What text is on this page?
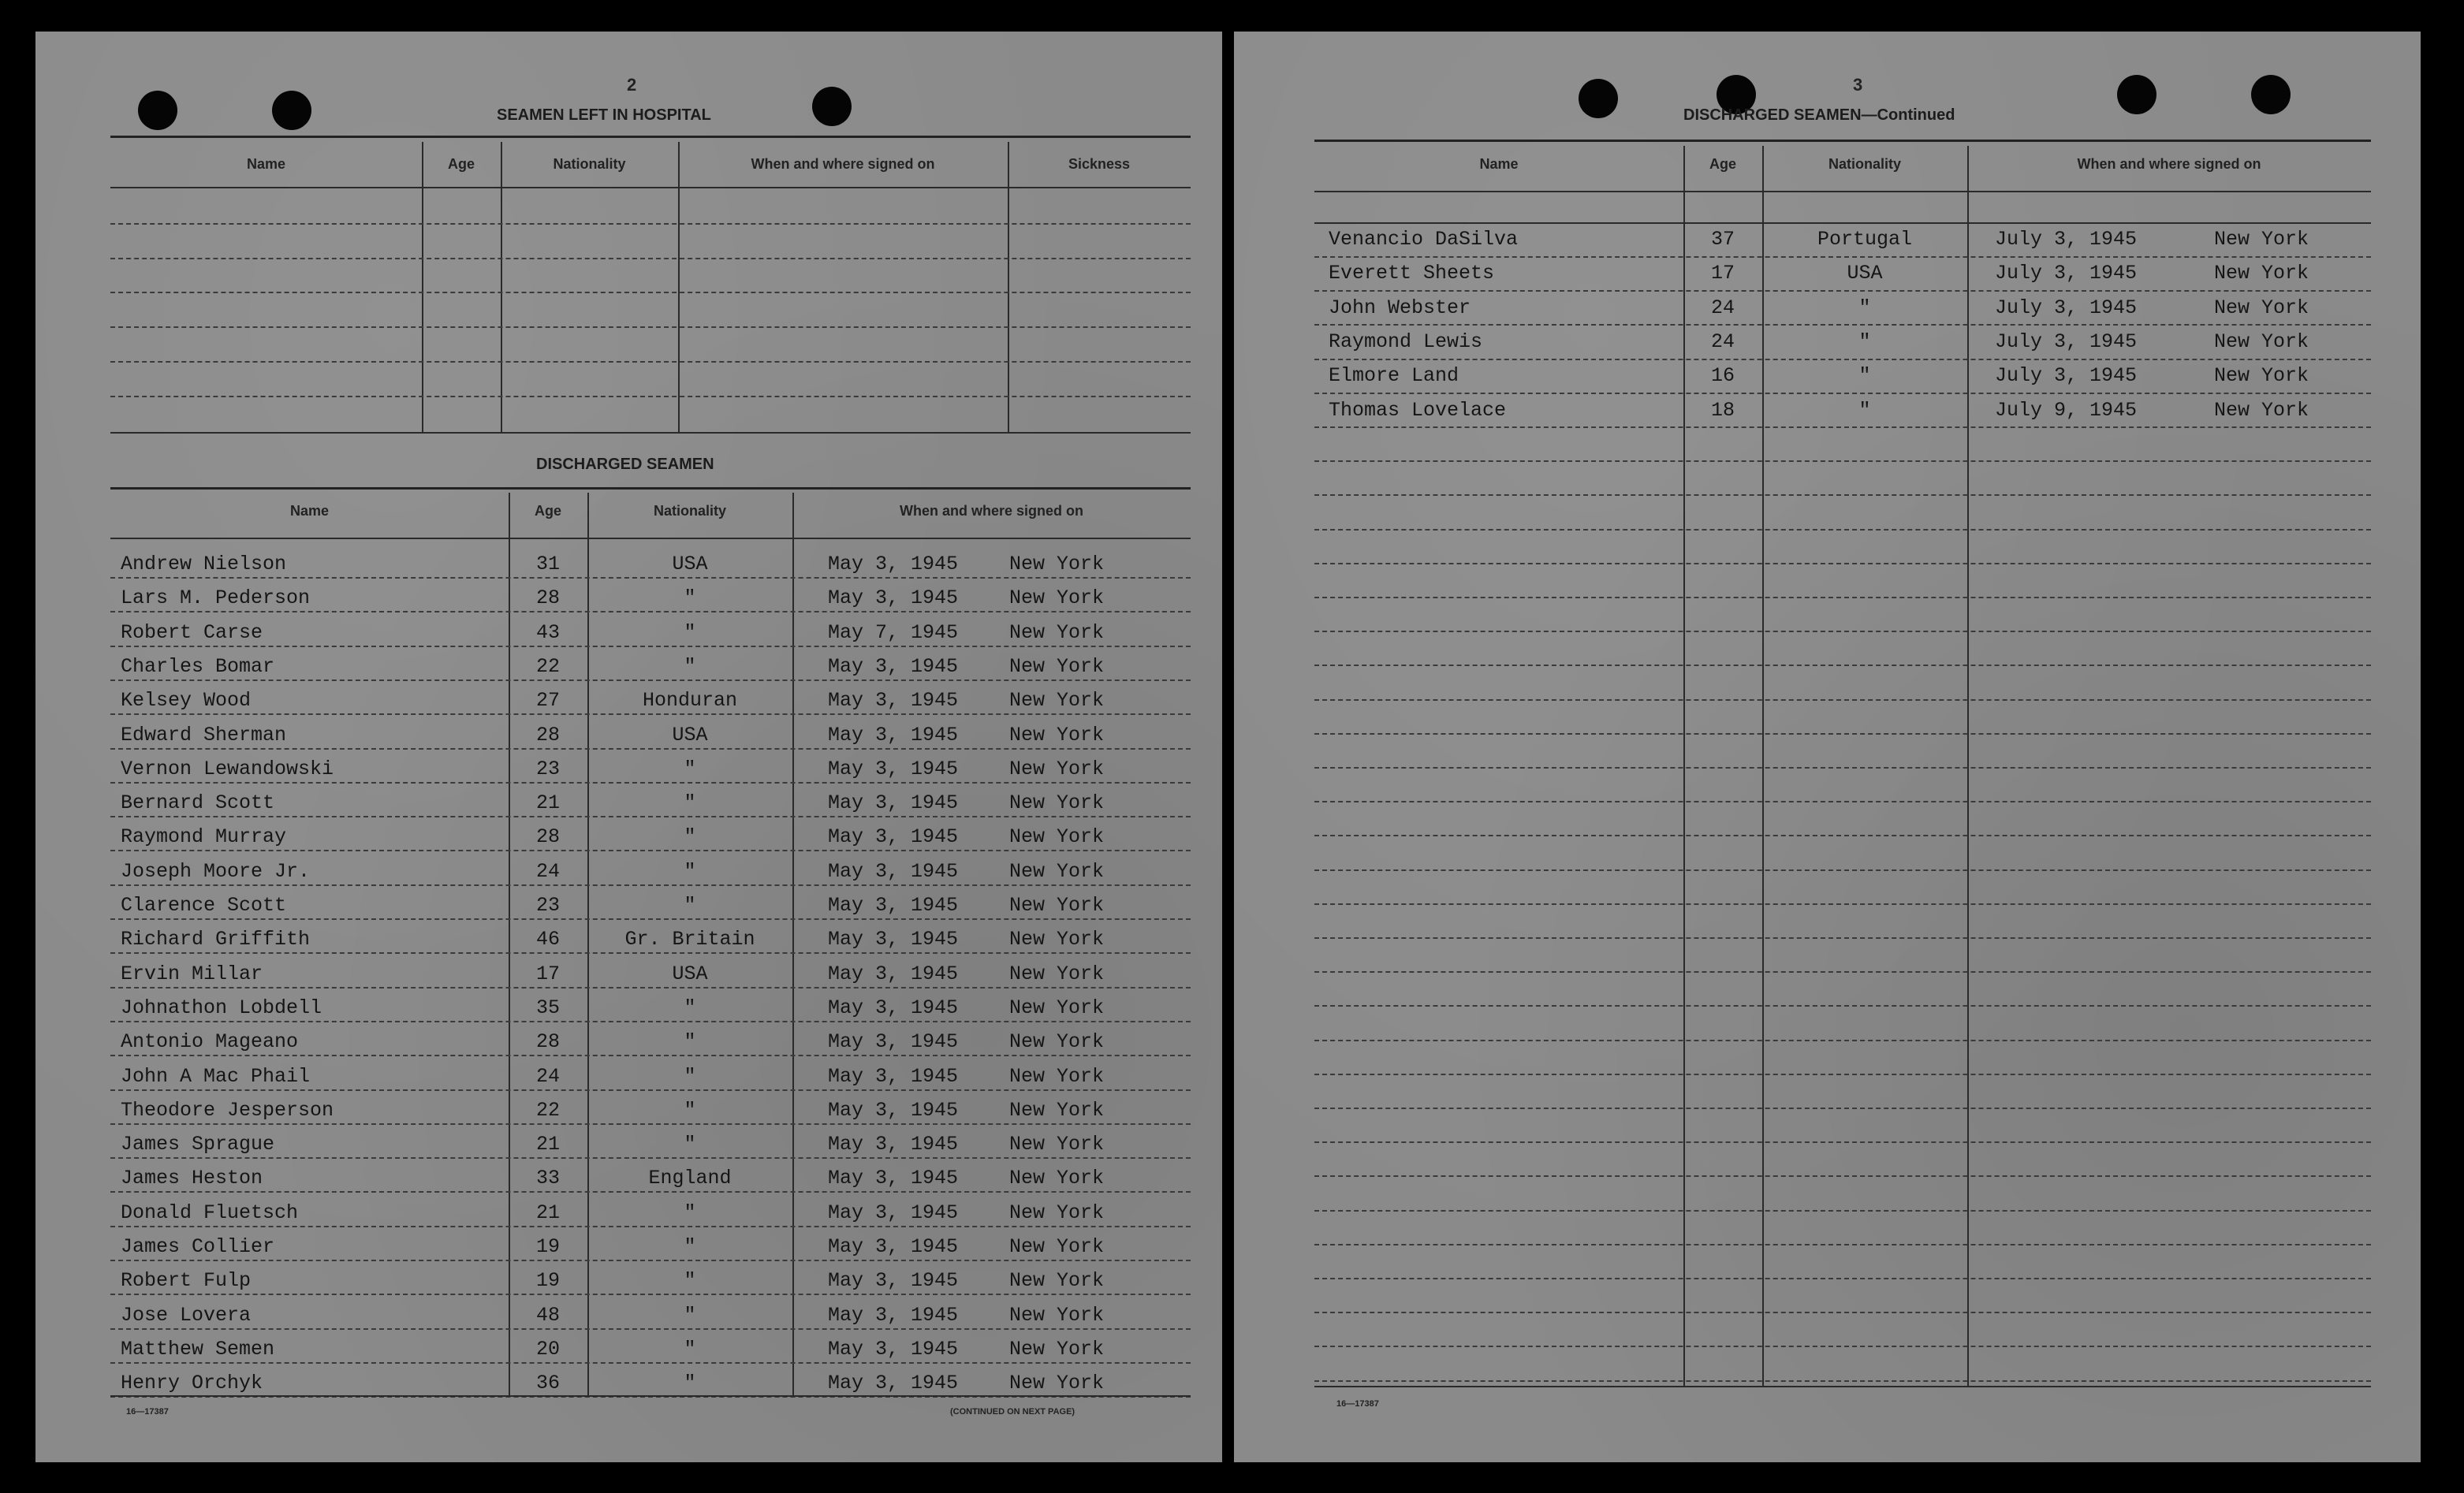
2
SEAMEN LEFT IN HOSPITAL
Name	Age	Nationality	When and where signed on	Sickness
DISCHARGED SEAMEN
Name	Age	Nationality	When and where signed on
Andrew Nielson	31	USA	May 3, 1945	New York
Lars M. Pederson	28	"	May 3, 1945	New York
Robert Carse	43	"	May 7, 1945	New York
Charles Bomar	22	"	May 3, 1945	New York
Kelsey Wood	27	Honduran	May 3, 1945	New York
Edward Sherman	28	USA	May 3, 1945	New York
Vernon Lewandowski	23	"	May 3, 1945	New York
Bernard Scott	21	"	May 3, 1945	New York
Raymond Murray	28	"	May 3, 1945	New York
Joseph Moore Jr.	24	"	May 3, 1945	New York
Clarence Scott	23	"	May 3, 1945	New York
Richard Griffith	46	Gr. Britain	May 3, 1945	New York
Ervin Millar	17	USA	May 3, 1945	New York
Johnathon Lobdell	35	"	May 3, 1945	New York
Antonio Mageano	28	"	May 3, 1945	New York
John A Mac Phail	24	"	May 3, 1945	New York
Theodore Jesperson	22	"	May 3, 1945	New York
James Sprague	21	"	May 3, 1945	New York
James Heston	33	England	May 3, 1945	New York
Donald Fluetsch	21	"	May 3, 1945	New York
James Collier	19	"	May 3, 1945	New York
Robert Fulp	19	"	May 3, 1945	New York
Jose Lovera	48	"	May 3, 1945	New York
Matthew Semen	20	"	May 3, 1945	New York
Henry Orchyk	36	"	May 3, 1945	New York
16—17387	(CONTINUED ON NEXT PAGE)
3
DISCHARGED SEAMEN—Continued
Name	Age	Nationality	When and where signed on
Venancio DaSilva	37	Portugal	July 3, 1945	New York
Everett Sheets	17	USA	July 3, 1945	New York
John Webster	24	"	July 3, 1945	New York
Raymond Lewis	24	"	July 3, 1945	New York
Elmore Land	16	"	July 3, 1945	New York
Thomas Lovelace	18	"	July 9, 1945	New York
16—17387
